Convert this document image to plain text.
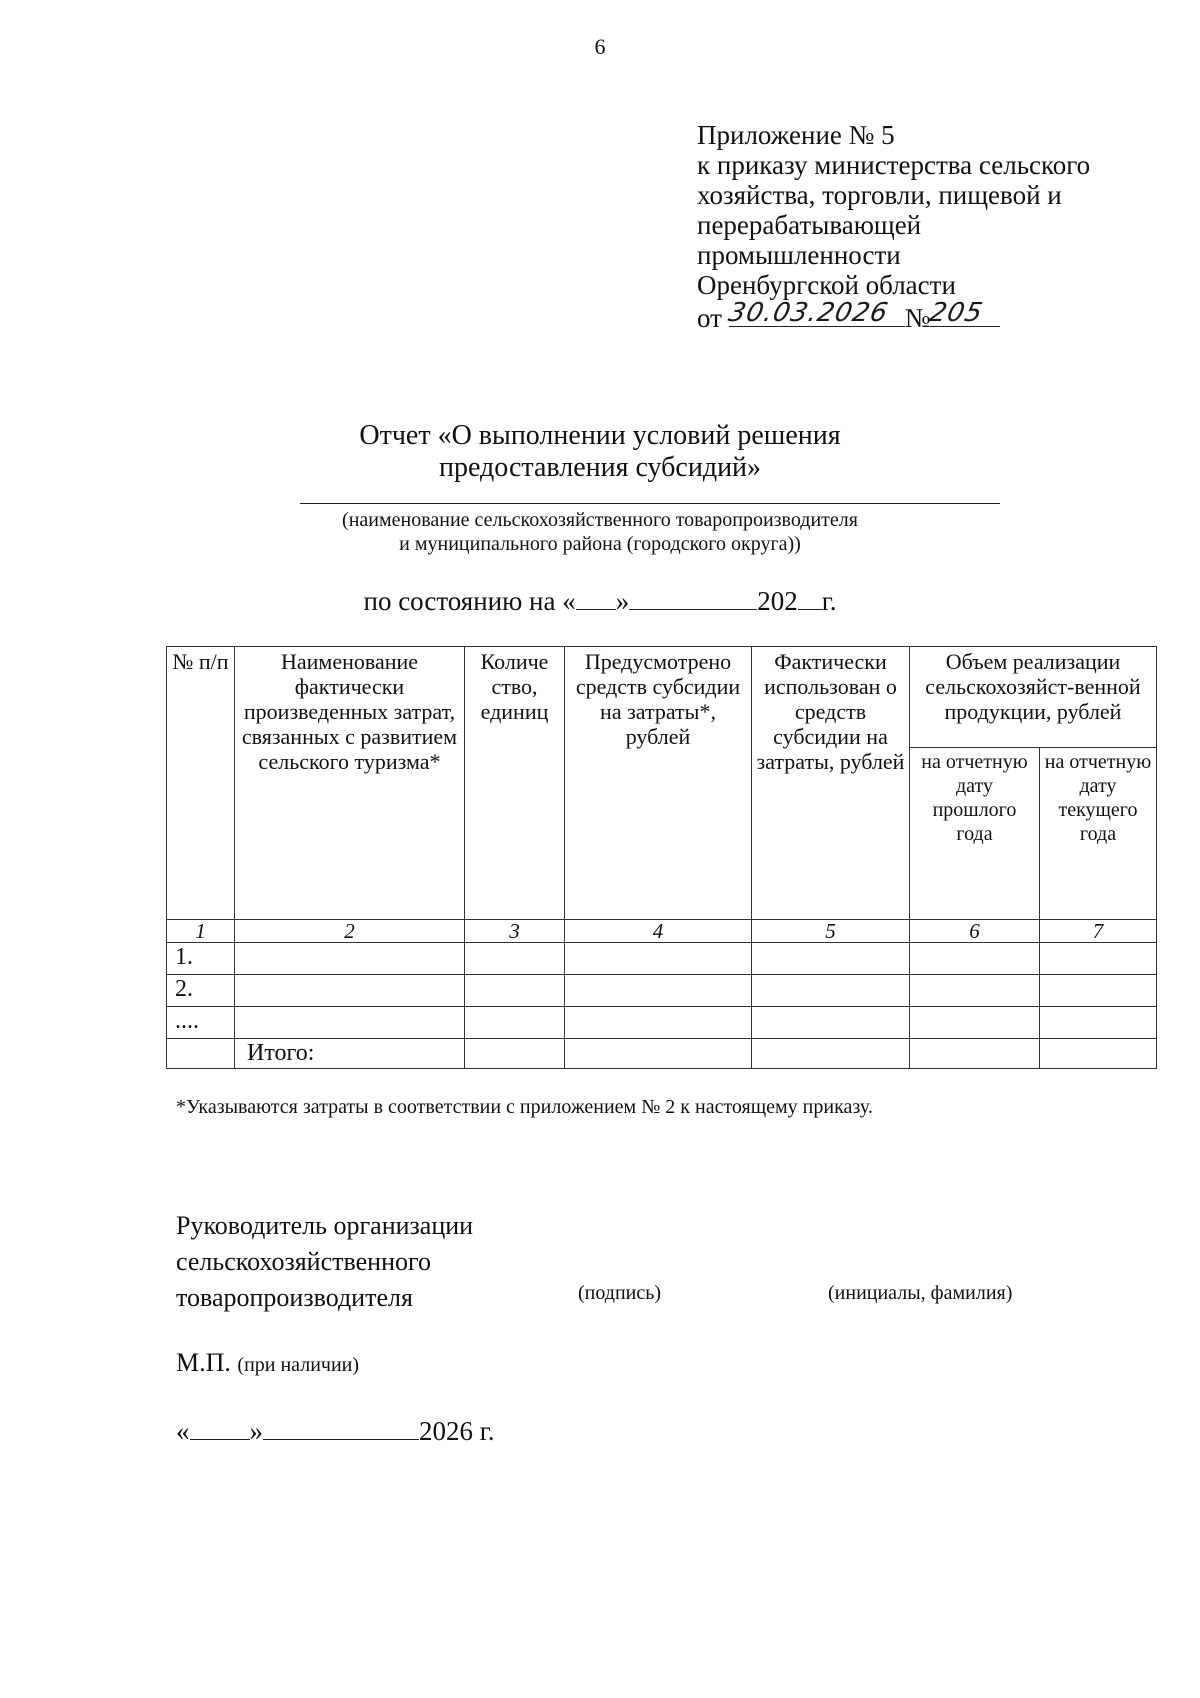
6
Приложение № 5
к приказу министерства сельского
хозяйства, торговли, пищевой и
перерабатывающей
промышленности
Оренбургской области
от 30.03.2026 №
205
Отчет «О выполнении условий решения
предоставления субсидий»
(наименование сельскохозяйственного товаропроизводителя
и муниципального района (городского округа))
по состоянию на « »	202 г.
№ п/п	Наименование фактически произведенных затрат, связанных с развитием сельского туризма*	Количе ство, единиц	Предусмотрено средств субсидии на затраты*, рублей	Фактически использован о средств субсидии на затраты, рублей	Объем реализации сельскохозяйст-венной продукции, рублей	
					на отчетную дату прошлого года	на отчетную дату текущего года
1	2	3	4	5	6	7
1.						
2.						
....						
	Итого:					
*Указываются затраты в соответствии с приложением № 2 к настоящему приказу.
Руководитель организации
сельскохозяйственного
товаропроизводителя	(подпись)	(инициалы, фамилия)
М.П. (при наличии)
« »	2026 г.
